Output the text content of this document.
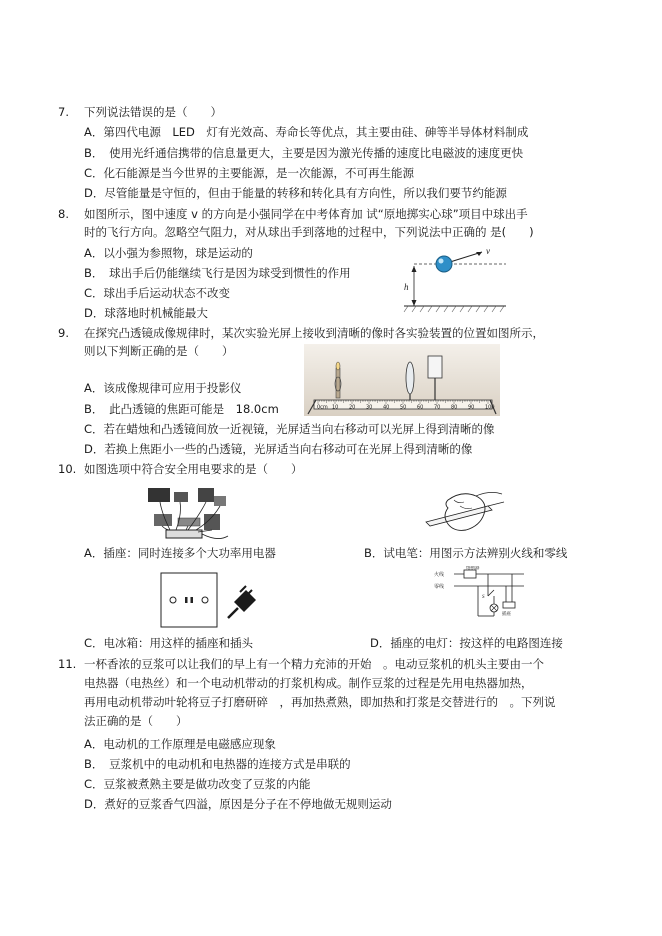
7. 下列说法错误的是（　　）
A．第四代电源　LED　灯有光效高、寿命长等优点，其主要由硅、砷等半导体材料制成
B．　使用光纤通信携带的信息量更大，主要是因为激光传播的速度比电磁波的速度更快
C．化石能源是当今世界的主要能源，是一次能源，不可再生能源
D．尽管能量是守恒的，但由于能量的转移和转化具有方向性，所以我们要节约能源
8. 如图所示，图中速度 v 的方向是小强同学在中考体育加 试“原地掷实心球”项目中球出手
时的飞行方向。忽略空气阻力，对从球出手到落地的过程中，下列说法中正确的 是(　　)
A．以小强为参照物，球是运动的
B．　球出手后仍能继续飞行是因为球受到惯性的作用
C．球出手后运动状态不改变
D．球落地时机械能最大
v
h
9. 在探究凸透镜成像规律时，某次实验光屏上接收到清晰的像时各实验装置的位置如图所示，
则以下判断正确的是（　　）
A．该成像规律可应用于投影仪
B．　此凸透镜的焦距可能是　18.0cm
C．若在蜡烛和凸透镜间放一近视镜，光屏适当向右移动可以光屏上得到清晰的像
D．若换上焦距小一些的凸透镜，光屏适当向右移动可在光屏上得到清晰的像
0cm 10 20 30 40 50 60 70 80 90 100
10. 如图选项中符合安全用电要求的是（　　）
A．插座：同时连接多个大功率用电器	B．试电笔：用图示方法辨别火线和零线
C．电冰箱：用这样的插座和插头
熔断器
火线
零线
S
插座
D．插座的电灯：按这样的电路图连接
11. 一杯香浓的豆浆可以让我们的早上有一个精力充沛的开始　。电动豆浆机的机头主要由一个
电热器（电热丝）和一个电动机带动的打浆机构成。制作豆浆的过程是先用电热器加热，
再用电动机带动叶轮将豆子打磨研碎　，再加热煮熟，即加热和打浆是交替进行的　。下列说
法正确的是（　　）
A．电动机的工作原理是电磁感应现象
B．　豆浆机中的电动机和电热器的连接方式是串联的
C．豆浆被煮熟主要是做功改变了豆浆的内能
D．煮好的豆浆香气四溢，原因是分子在不停地做无规则运动
